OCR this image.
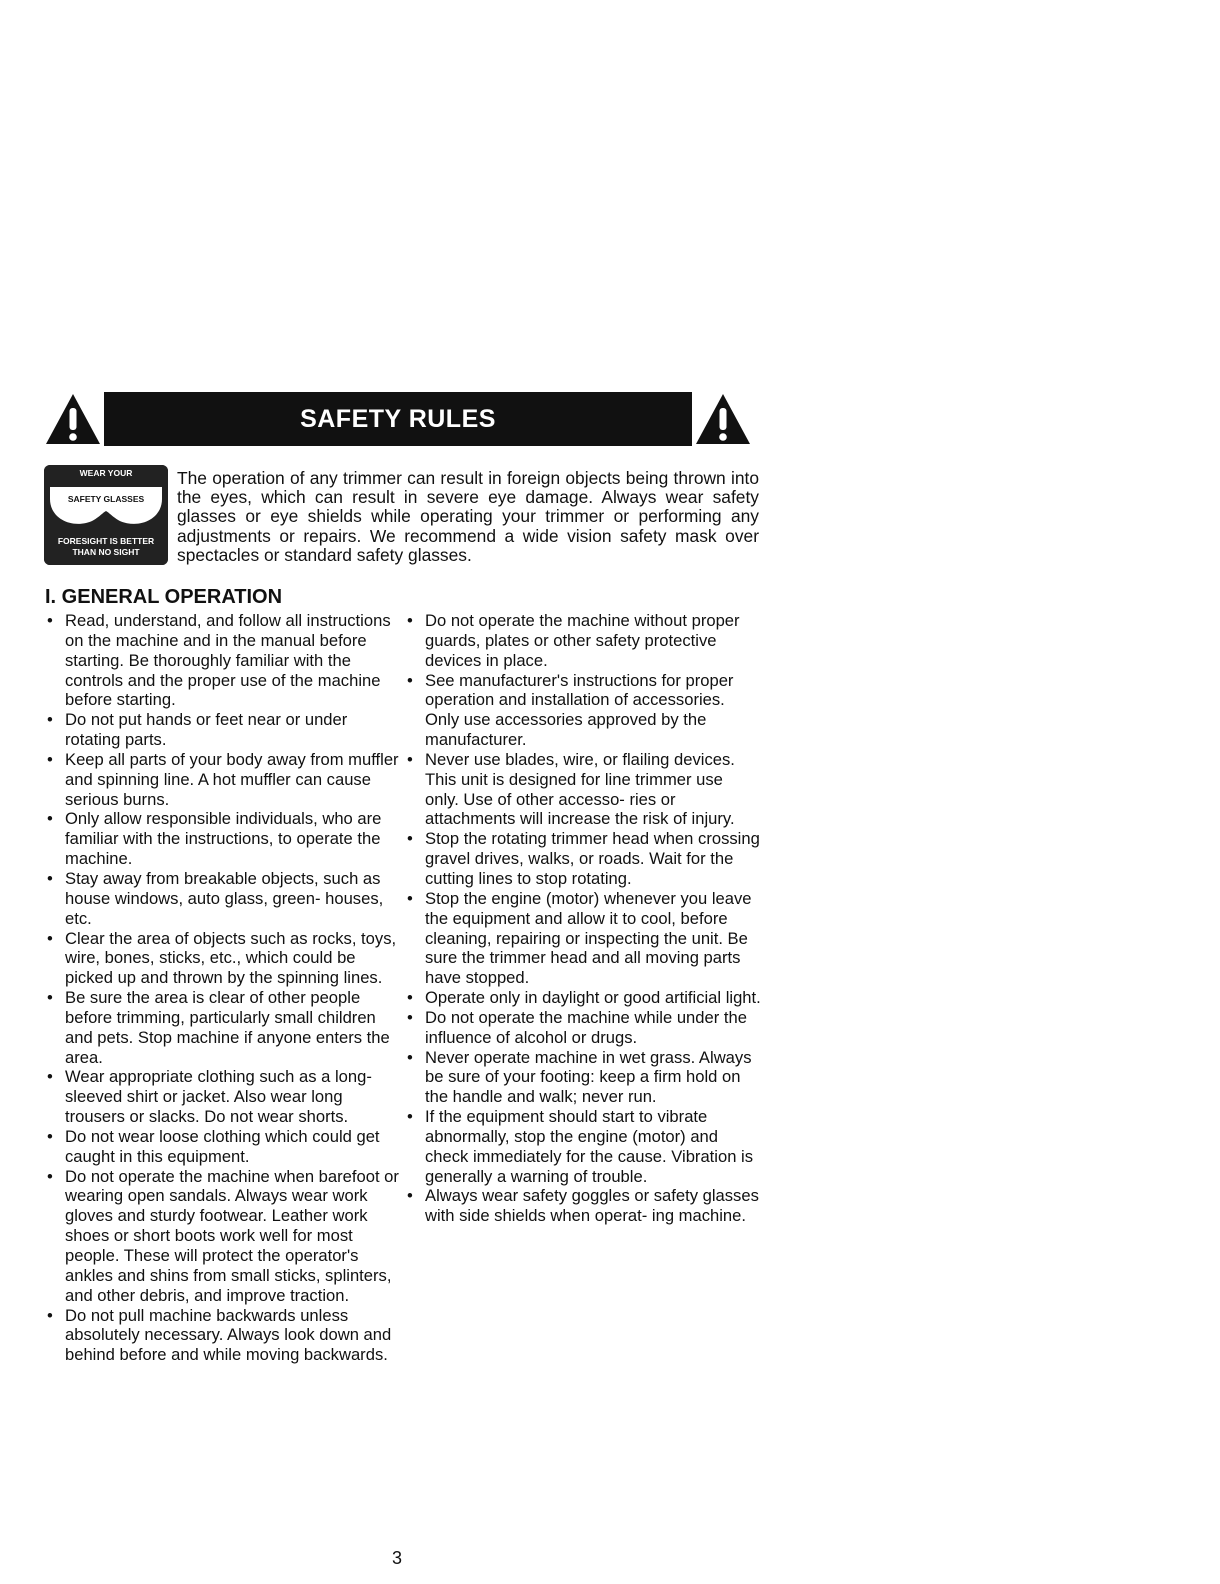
SAFETY RULES
WEAR YOUR
SAFETY GLASSES
FORESIGHT IS BETTER
THAN NO SIGHT
The operation of any trimmer can result in foreign objects being thrown into the eyes, which can result in severe eye damage. Always wear safety glasses or eye shields while operating your trimmer or performing any adjustments or repairs. We recommend a wide vision safety mask over spectacles or standard safety glasses.
I. GENERAL OPERATION
• Read, understand, and follow all instructions on the machine and in the manual before starting. Be thoroughly familiar with the controls and the proper use of the machine before starting.
• Do not put hands or feet near or under rotating parts.
• Keep all parts of your body away from muffler and spinning line. A hot muffler can cause serious burns.
• Only allow responsible individuals, who are familiar with the instructions, to operate the machine.
• Stay away from breakable objects, such as house windows, auto glass, green- houses, etc.
• Clear the area of objects such as rocks, toys, wire, bones, sticks, etc., which could be picked up and thrown by the spinning lines.
• Be sure the area is clear of other people before trimming, particularly small children and pets. Stop machine if anyone enters the area.
• Wear appropriate clothing such as a long-sleeved shirt or jacket. Also wear long trousers or slacks. Do not wear shorts.
• Do not wear loose clothing which could get caught in this equipment.
• Do not operate the machine when barefoot or wearing open sandals. Always wear work gloves and sturdy footwear. Leather work shoes or short boots work well for most people. These will protect the operator's ankles and shins from small sticks, splinters, and other debris, and improve traction.
• Do not pull machine backwards unless absolutely necessary. Always look down and behind before and while moving backwards.
• Do not operate the machine without proper guards, plates or other safety protective devices in place.
• See manufacturer's instructions for proper operation and installation of accessories. Only use accessories approved by the manufacturer.
• Never use blades, wire, or flailing devices. This unit is designed for line trimmer use only. Use of other accesso- ries or attachments will increase the risk of injury.
• Stop the rotating trimmer head when crossing gravel drives, walks, or roads. Wait for the cutting lines to stop rotating.
• Stop the engine (motor) whenever you leave the equipment and allow it to cool, before cleaning, repairing or inspecting the unit. Be sure the trimmer head and all moving parts have stopped.
• Operate only in daylight or good artificial light.
• Do not operate the machine while under the influence of alcohol or drugs.
• Never operate machine in wet grass. Always be sure of your footing: keep a firm hold on the handle and walk; never run.
• If the equipment should start to vibrate abnormally, stop the engine (motor) and check immediately for the cause. Vibration is generally a warning of trouble.
• Always wear safety goggles or safety glasses with side shields when operat- ing machine.
3
